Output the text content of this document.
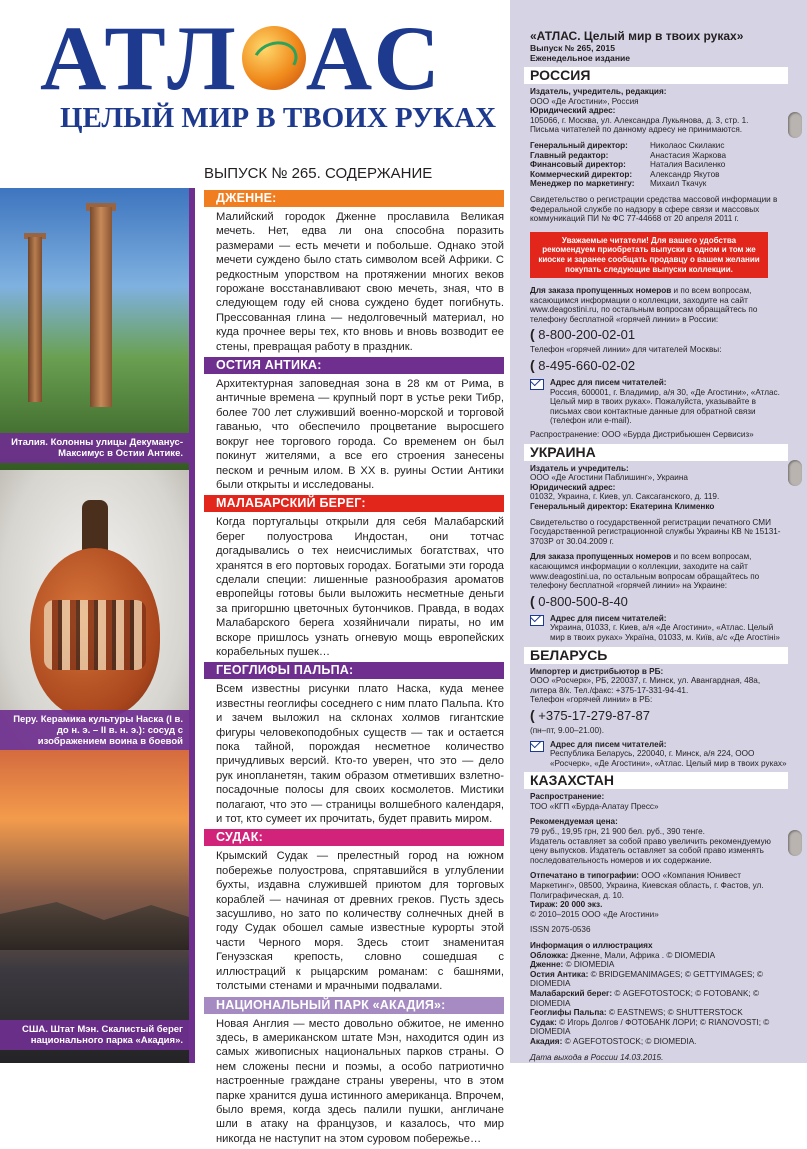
АТЛ АС
ЦЕЛЫЙ МИР В ТВОИХ РУКАХ
ВЫПУСК № 265. СОДЕРЖАНИЕ
Италия. Колонны улицы Декуманус-Максимус в Остии Антике.
Перу. Керамика культуры Наска (I в. до н. э. – II в. н. э.): сосуд с изображением воина в боевой
США. Штат Мэн. Скалистый берег национального парка «Акадия».
ДЖЕННЕ:

Малийский городок Дженне прославила Великая мечеть. Нет, едва ли она способна поразить размерами — есть мечети и побольше. Однако этой мечети суждено было стать символом всей Африки. С редкостным упорством на протяжении многих веков горожане восстанавливают свою мечеть, зная, что в следующем году ей снова суждено будет погибнуть. Прессованная глина — недолговечный материал, но куда прочнее веры тех, кто вновь и вновь возводит ее стены, превращая работу в праздник.

ОСТИЯ АНТИКА:

Архитектурная заповедная зона в 28 км от Рима, в античные времена — крупный порт в устье реки Тибр, более 700 лет служивший военно-морской и торговой гаванью, что обеспечило процветание выросшего вокруг нее торгового города. Со временем он был покинут жителями, а все его строения занесены песком и речным илом. В XX в. руины Остии Антики были открыты и исследованы.

МАЛАБАРСКИЙ БЕРЕГ:

Когда португальцы открыли для себя Малабарский берег полуострова Индостан, они тотчас догадывались о тех неисчислимых богатствах, что хранятся в его портовых городах. Богатыми эти города сделали специи: лишенные разнообразия ароматов европейцы готовы были выложить несметные деньги за пригоршню цветочных бутончиков. Правда, в водах Малабарского берега хозяйничали пираты, но им вскоре пришлось узнать огневую мощь европейских корабельных пушек…

ГЕОГЛИФЫ ПАЛЬПА:

Всем известны рисунки плато Наска, куда менее известны геоглифы соседнего с ним плато Пальпа. Кто и зачем выложил на склонах холмов гигантские фигуры человекоподобных существ — так и остается пока тайной, порождая несметное количество причудливых версий. Кто-то уверен, что это — дело рук инопланетян, таким образом отметивших взлетно-посадочные полосы для своих космолетов. Мистики полагают, что это — страницы волшебного календаря, и тот, кто сумеет их прочитать, будет править миром.

СУДАК:

Крымский Судак — прелестный город на южном побережье полуострова, спрятавшийся в углублении бухты, издавна служившей приютом для торговых кораблей — начиная от древних греков. Пусть здесь засушливо, но зато по количеству солнечных дней в году Судак обошел самые известные курорты этой части Черного моря. Здесь стоит знаменитая Генуэзская крепость, словно сошедшая с иллюстраций к рыцарским романам: с башнями, толстыми стенами и мрачными подвалами.

НАЦИОНАЛЬНЫЙ ПАРК «АКАДИЯ»:

Новая Англия — место довольно обжитое, не именно здесь, в американском штате Мэн, находится один из самых живописных национальных парков страны. О нем сложены песни и поэмы, а особо патриотично настроенные граждане страны уверены, что в этом парке хранится душа истинного американца. Впрочем, было время, когда здесь палили пушки, англичане шли в атаку на французов, и казалось, что мир никогда не наступит на этом суровом побережье…

«АТЛАС. Целый мир в твоих руках»

Выпуск № 265, 2015

Еженедельное издание

РОССИЯ

Издатель, учредитель, редакция:

ООО «Де Агостини», Россия

Юридический адрес:

105066, г. Москва, ул. Александра Лукьянова, д. 3, стр. 1.

Письма читателей по данному адресу не принимаются.

Генеральный директор:	Николаос Скилакис
Главный редактор:	Анастасия Жаркова
Финансовый директор:	Наталия Василенко
Коммерческий директор:	Александр Якутов
Менеджер по маркетингу:	Михаил Ткачук

Свидетельство о регистрации средства массовой информации в Федеральной службе по надзору в сфере связи и массовых коммуникаций ПИ № ФС 77-44668 от 20 апреля 2011 г.

Уважаемые читатели! Для вашего удобства рекомендуем приобретать выпуски в одном и том же киоске и заранее сообщать продавцу о вашем желании покупать следующие выпуски коллекции.

Для заказа пропущенных номеров и по всем вопросам, касающимся информации о коллекции, заходите на сайт www.deagostini.ru, по остальным вопросам обращайтесь по телефону бесплатной «горячей линии» в России:

( 8-800-200-02-01

Телефон «горячей линии» для читателей Москвы:

( 8-495-660-02-02

Адрес для писем читателей:

Россия, 600001, г. Владимир, а/я 30, «Де Агостини», «Атлас. Целый мир в твоих руках». Пожалуйста, указывайте в письмах свои контактные данные для обратной связи (телефон или e-mail).

Распространение: ООО «Бурда Дистрибьюшен Сервисиз»

УКРАИНА

Издатель и учредитель:

ООО «Де Агостини Паблишинг», Украина

Юридический адрес:

01032, Украина, г. Киев, ул. Саксаганского, д. 119.

Генеральный директор: Екатерина Клименко

Свидетельство о государственной регистрации печатного СМИ Государственной регистрационной службы Украины КВ № 15131-3703Р от 30.04.2009 г.

Для заказа пропущенных номеров и по всем вопросам, касающимся информации о коллекции, заходите на сайт www.deagostini.ua, по остальным вопросам обращайтесь по телефону бесплатной «горячей линии» на Украине:

( 0-800-500-8-40

Адрес для писем читателей:

Украина, 01033, г. Киев, а/я «Де Агостини», «Атлас. Целый мир в твоих руках» Україна, 01033, м. Київ, а/с «Де Агостіні»

БЕЛАРУСЬ

Импортер и дистрибьютор в РБ:

ООО «Росчерк», РБ, 220037, г. Минск, ул. Авангардная, 48а, литера 8/к. Тел./факс: +375-17-331-94-41.

Телефон «горячей линии» в РБ:

( +375-17-279-87-87

(пн–пт, 9.00–21.00).

Адрес для писем читателей:

Республика Беларусь, 220040, г. Минск, а/я 224, ООО «Росчерк», «Де Агостини», «Атлас. Целый мир в твоих руках»

КАЗАХСТАН

Распространение:

ТОО «КГП «Бурда-Алатау Пресс»

Рекомендуемая цена:

79 руб., 19,95 грн, 21 900 бел. руб., 390 тенге.

Издатель оставляет за собой право увеличить рекомендуемую цену выпусков. Издатель оставляет за собой право изменять последовательность номеров и их содержание.

Отпечатано в типографии: ООО «Компания Юнивест Маркетинг», 08500, Украина, Киевская область, г. Фастов, ул. Полиграфическая, д. 10.

Тираж: 20 000 экз.

© 2010–2015 ООО «Де Агостини»

ISSN 2075-0536

Информация о иллюстрациях

Обложка: Дженне, Мали, Африка . © DIOMEDIA

Дженне: © DIOMEDIA

Остия Антика: © BRIDGEMANIMAGES; © GETTYIMAGES; © DIOMEDIA

Малабарский берег: © AGEFOTOSTOCK; © FOTOBANK; © DIOMEDIA

Геоглифы Пальпа: © EASTNEWS; © SHUTTERSTOCK

Судак: © Игорь Долгов / ФОТОБАНК ЛОРИ; © RIANOVOSTI; © DIOMEDIA

Акадия: © AGEFOTOSTOCK; © DIOMEDIA.

Дата выхода в России 14.03.2015.
